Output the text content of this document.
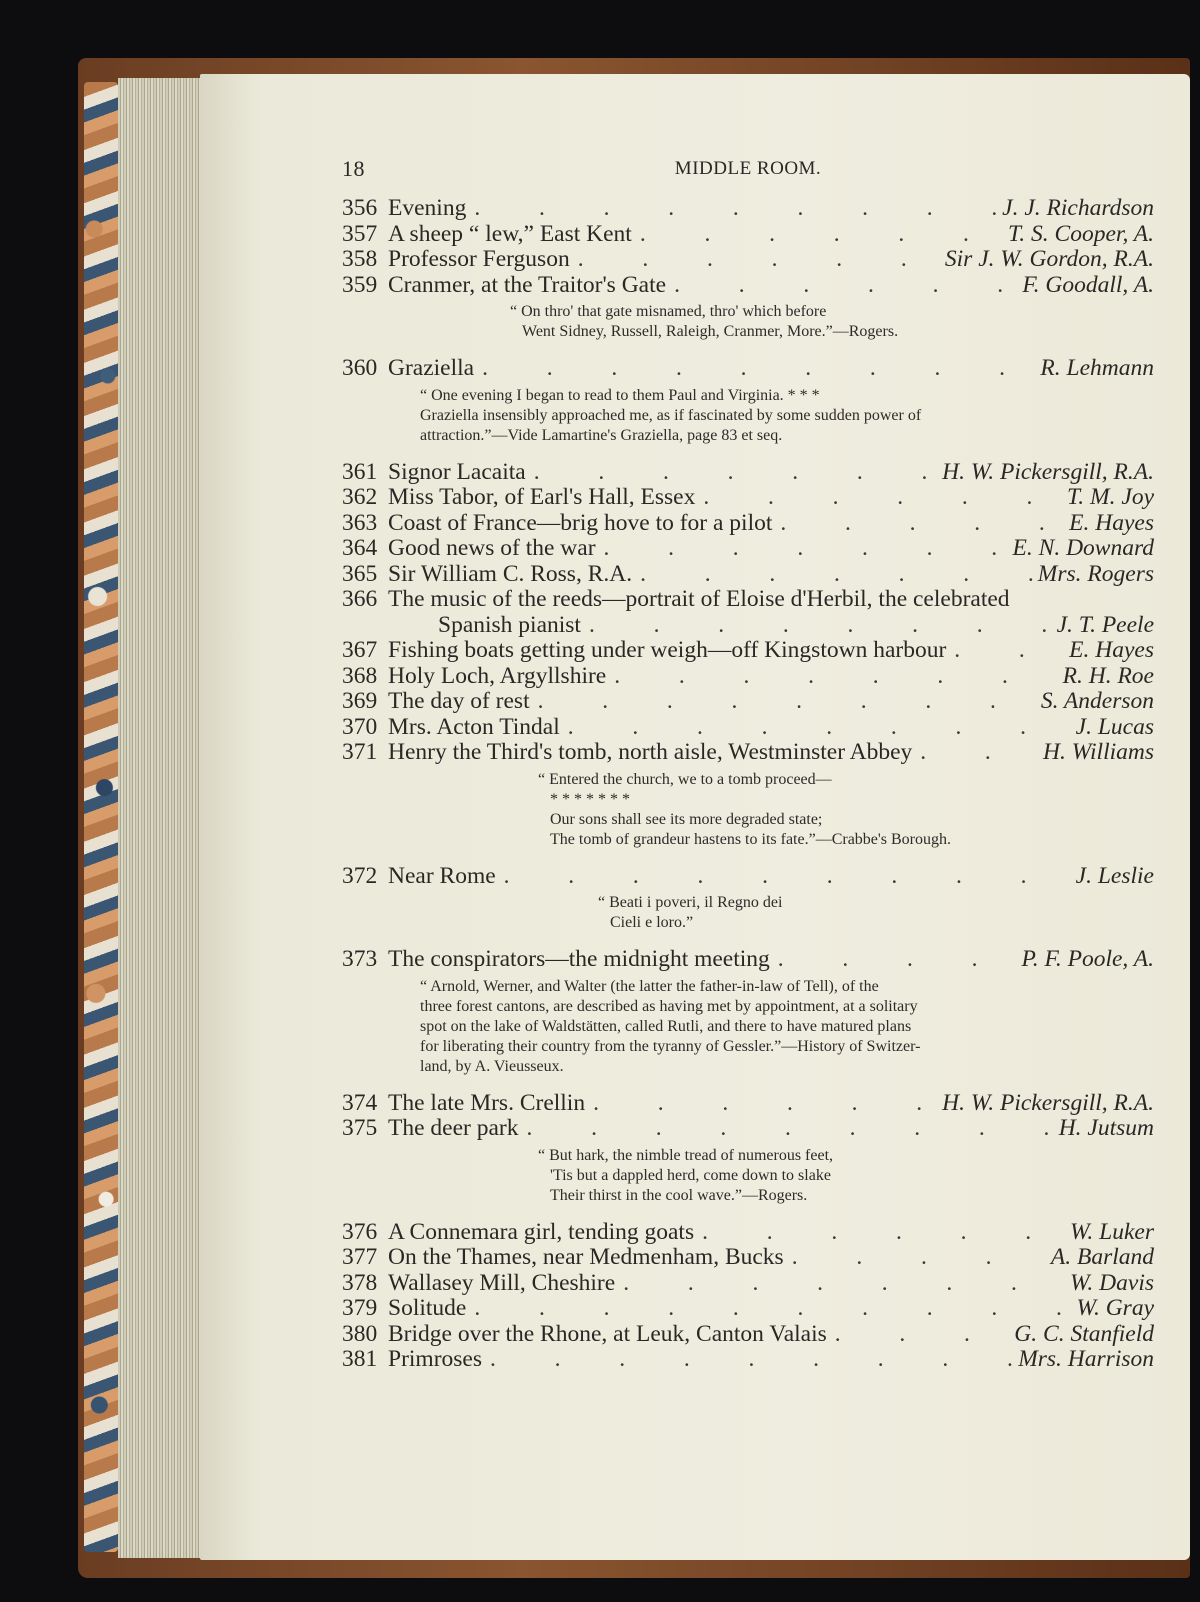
18	MIDDLE ROOM.
356 Evening .	J. J. Richardson
357 A sheep “ lew,” East Kent .	T. S. Cooper, A.
358 Professor Ferguson .	Sir J. W. Gordon, R.A.
359 Cranmer, at the Traitor's Gate .	F. Goodall, A.
“ On thro' that gate misnamed, thro' which before
Went Sidney, Russell, Raleigh, Cranmer, More.”—Rogers.
360 Graziella .	R. Lehmann
“ One evening I began to read to them Paul and Virginia. * * *
Graziella insensibly approached me, as if fascinated by some sudden power of
attraction.”—Vide Lamartine's Graziella, page 83 et seq.
361 Signor Lacaita .	H. W. Pickersgill, R.A.
362 Miss Tabor, of Earl's Hall, Essex .	T. M. Joy
363 Coast of France—brig hove to for a pilot .	E. Hayes
364 Good news of the war .	E. N. Downard
365 Sir William C. Ross, R.A. .	Mrs. Rogers
366 The music of the reeds—portrait of Eloise d'Herbil, the celebrated
Spanish pianist .	J. T. Peele
367 Fishing boats getting under weigh—off Kingstown harbour .	E. Hayes
368 Holy Loch, Argyllshire .	R. H. Roe
369 The day of rest .	S. Anderson
370 Mrs. Acton Tindal .	J. Lucas
371 Henry the Third's tomb, north aisle, Westminster Abbey .	H. Williams
“ Entered the church, we to a tomb proceed—
* * * * * * *
Our sons shall see its more degraded state;
The tomb of grandeur hastens to its fate.”—Crabbe's Borough.
372 Near Rome .	J. Leslie
“ Beati i poveri, il Regno dei
Cieli e loro.”
373 The conspirators—the midnight meeting .	P. F. Poole, A.
“ Arnold, Werner, and Walter (the latter the father-in-law of Tell), of the
three forest cantons, are described as having met by appointment, at a solitary
spot on the lake of Waldstätten, called Rutli, and there to have matured plans
for liberating their country from the tyranny of Gessler.”—History of Switzer-
land, by A. Vieusseux.
374 The late Mrs. Crellin .	H. W. Pickersgill, R.A.
375 The deer park .	H. Jutsum
“ But hark, the nimble tread of numerous feet,
'Tis but a dappled herd, come down to slake
Their thirst in the cool wave.”—Rogers.
376 A Connemara girl, tending goats .	W. Luker
377 On the Thames, near Medmenham, Bucks .	A. Barland
378 Wallasey Mill, Cheshire .	W. Davis
379 Solitude .	W. Gray
380 Bridge over the Rhone, at Leuk, Canton Valais .	G. C. Stanfield
381 Primroses .	Mrs. Harrison
